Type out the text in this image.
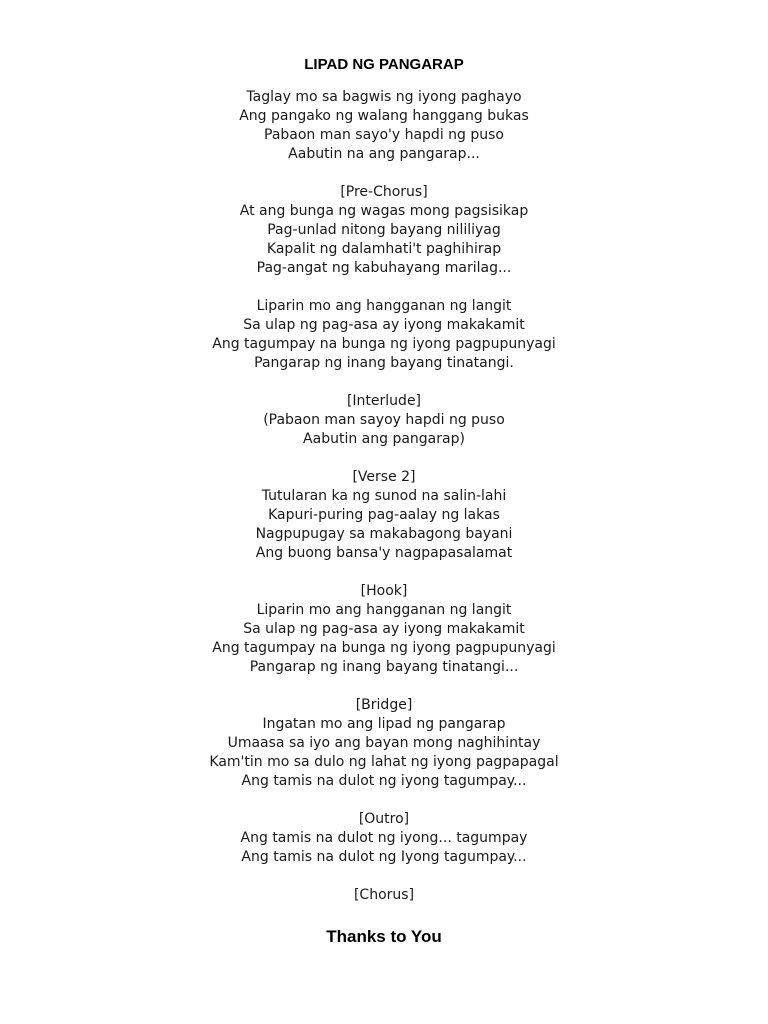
LIPAD NG PANGARAP
Taglay mo sa bagwis ng iyong paghayo
Ang pangako ng walang hanggang bukas
Pabaon man sayo'y hapdi ng puso
Aabutin na ang pangarap...
[Pre-Chorus]
At ang bunga ng wagas mong pagsisikap
Pag-unlad nitong bayang nililiyag
Kapalit ng dalamhati't paghihirap
Pag-angat ng kabuhayang marilag...
Liparin mo ang hangganan ng langit
Sa ulap ng pag-asa ay iyong makakamit
Ang tagumpay na bunga ng iyong pagpupunyagi
Pangarap ng inang bayang tinatangi.
[Interlude]
(Pabaon man sayoy hapdi ng puso
Aabutin ang pangarap)
[Verse 2]
Tutularan ka ng sunod na salin-lahi
Kapuri-puring pag-aalay ng lakas
Nagpupugay sa makabagong bayani
Ang buong bansa'y nagpapasalamat
[Hook]
Liparin mo ang hangganan ng langit
Sa ulap ng pag-asa ay iyong makakamit
Ang tagumpay na bunga ng iyong pagpupunyagi
Pangarap ng inang bayang tinatangi...
[Bridge]
Ingatan mo ang lipad ng pangarap
Umaasa sa iyo ang bayan mong naghihintay
Kam'tin mo sa dulo ng lahat ng iyong pagpapagal
Ang tamis na dulot ng iyong tagumpay...
[Outro]
Ang tamis na dulot ng iyong... tagumpay
Ang tamis na dulot ng Iyong tagumpay...
[Chorus]
Thanks to You
